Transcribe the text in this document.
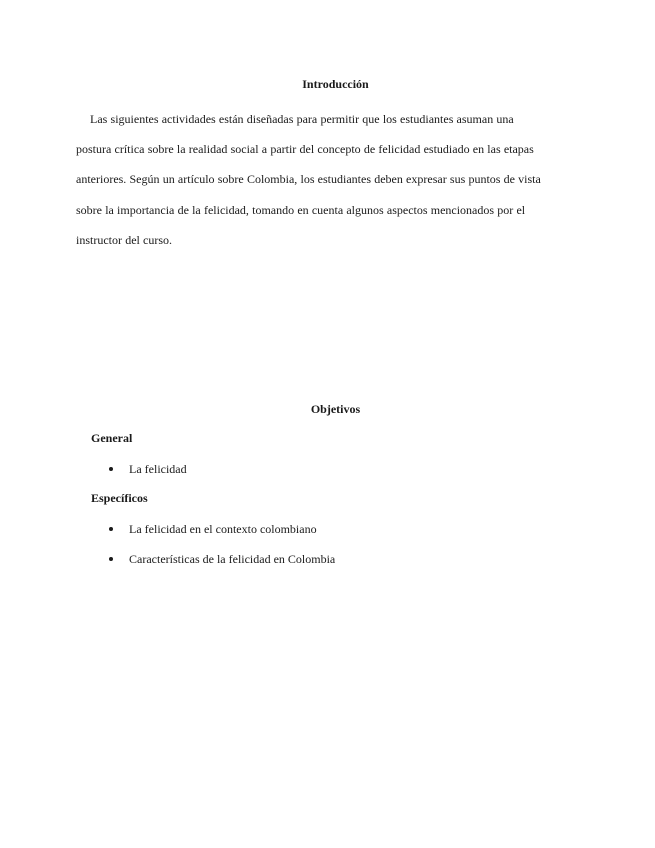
Introducción

Las siguientes actividades están diseñadas para permitir que los estudiantes asuman una
postura crítica sobre la realidad social a partir del concepto de felicidad estudiado en las etapas
anteriores. Según un artículo sobre Colombia, los estudiantes deben expresar sus puntos de vista
sobre la importancia de la felicidad, tomando en cuenta algunos aspectos mencionados por el
instructor del curso.

Objetivos
General
La felicidad
Específicos
La felicidad en el contexto colombiano
Características de la felicidad en Colombia
